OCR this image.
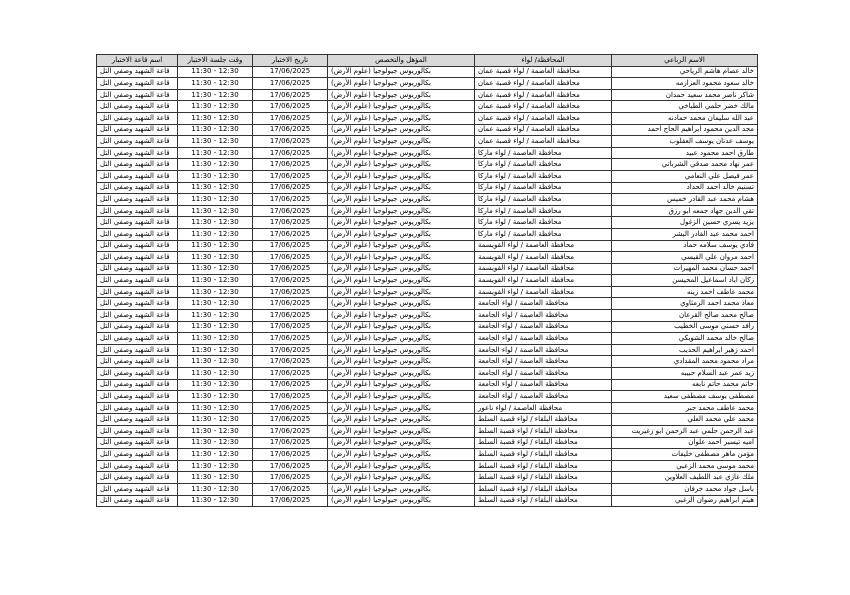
الاسم الرباعي	المحافظة/ لواء	المؤهل والتخصص	تاريخ الاختبار	وقت جلسة الاختبار	اسم قاعة الاختبار
خالد عصام هاشم الرياحي	محافظة العاصمة / لواء قصبة عمان	بكالوريوس جيولوجيا (علوم الأرض)	17/06/2025	11:30 - 12:30	قاعة الشهيد وصفي التل
خالد سعود محمود العزازمه	محافظة العاصمة / لواء قصبة عمان	بكالوريوس جيولوجيا (علوم الأرض)	17/06/2025	11:30 - 12:30	قاعة الشهيد وصفي التل
شاكر ناصر محمد سعيد حمدان	محافظة العاصمة / لواء قصبة عمان	بكالوريوس جيولوجيا (علوم الأرض)	17/06/2025	11:30 - 12:30	قاعة الشهيد وصفي التل
مالك خضر حلمي الطباخي	محافظة العاصمة / لواء قصبة عمان	بكالوريوس جيولوجيا (علوم الأرض)	17/06/2025	11:30 - 12:30	قاعة الشهيد وصفي التل
عبد الله سليمان محمد حمادنه	محافظة العاصمة / لواء قصبة عمان	بكالوريوس جيولوجيا (علوم الأرض)	17/06/2025	11:30 - 12:30	قاعة الشهيد وصفي التل
مجد الدين محمود ابراهيم الحاج احمد	محافظة العاصمة / لواء قصبة عمان	بكالوريوس جيولوجيا (علوم الأرض)	17/06/2025	11:30 - 12:30	قاعة الشهيد وصفي التل
يوسف عدنان يوسف العقلوب	محافظة العاصمة / لواء قصبة عمان	بكالوريوس جيولوجيا (علوم الأرض)	17/06/2025	11:30 - 12:30	قاعة الشهيد وصفي التل
طارق احمد محمود عبيد	محافظة العاصمة / لواء ماركا	بكالوريوس جيولوجيا (علوم الأرض)	17/06/2025	11:30 - 12:30	قاعة الشهيد وصفي التل
عمر نهاد محمد صدقي الشرباتي	محافظة العاصمة / لواء ماركا	بكالوريوس جيولوجيا (علوم الأرض)	17/06/2025	11:30 - 12:30	قاعة الشهيد وصفي التل
عمر فيصل علي النعامي	محافظة العاصمة / لواء ماركا	بكالوريوس جيولوجيا (علوم الأرض)	17/06/2025	11:30 - 12:30	قاعة الشهيد وصفي التل
تسنيم خالد احمد الحداد	محافظة العاصمة / لواء ماركا	بكالوريوس جيولوجيا (علوم الأرض)	17/06/2025	11:30 - 12:30	قاعة الشهيد وصفي التل
هشام محمد عبد القادر خميس	محافظة العاصمة / لواء ماركا	بكالوريوس جيولوجيا (علوم الأرض)	17/06/2025	11:30 - 12:30	قاعة الشهيد وصفي التل
تقي الدين جهاد جمعه ابو رزق	محافظة العاصمة / لواء ماركا	بكالوريوس جيولوجيا (علوم الأرض)	17/06/2025	11:30 - 12:30	قاعة الشهيد وصفي التل
يزيد يسري حسين الزغول	محافظة العاصمة / لواء ماركا	بكالوريوس جيولوجيا (علوم الأرض)	17/06/2025	11:30 - 12:30	قاعة الشهيد وصفي التل
احمد محمد عبد القادر البشر	محافظة العاصمة / لواء ماركا	بكالوريوس جيولوجيا (علوم الأرض)	17/06/2025	11:30 - 12:30	قاعة الشهيد وصفي التل
فادي يوسف سلامه حماد	محافظة العاصمة / لواء القويسمة	بكالوريوس جيولوجيا (علوم الأرض)	17/06/2025	11:30 - 12:30	قاعة الشهيد وصفي التل
احمد مروان علي القيسي	محافظة العاصمة / لواء القويسمة	بكالوريوس جيولوجيا (علوم الأرض)	17/06/2025	11:30 - 12:30	قاعة الشهيد وصفي التل
احمد حسان محمد المهيرات	محافظة العاصمة / لواء القويسمة	بكالوريوس جيولوجيا (علوم الأرض)	17/06/2025	11:30 - 12:30	قاعة الشهيد وصفي التل
زكان اياد اسماعيل المحيسن	محافظة العاصمة / لواء القويسمة	بكالوريوس جيولوجيا (علوم الأرض)	17/06/2025	11:30 - 12:30	قاعة الشهيد وصفي التل
محمد عاطف احمد زينه	محافظة العاصمة / لواء القويسمة	بكالوريوس جيولوجيا (علوم الأرض)	17/06/2025	11:30 - 12:30	قاعة الشهيد وصفي التل
معاذ محمد احمد الرمثاوي	محافظة العاصمة / لواء الجامعة	بكالوريوس جيولوجيا (علوم الأرض)	17/06/2025	11:30 - 12:30	قاعة الشهيد وصفي التل
صالح محمد صالح القرعان	محافظة العاصمة / لواء الجامعة	بكالوريوس جيولوجيا (علوم الأرض)	17/06/2025	11:30 - 12:30	قاعة الشهيد وصفي التل
رافد حسني موسى الخطيب	محافظة العاصمة / لواء الجامعة	بكالوريوس جيولوجيا (علوم الأرض)	17/06/2025	11:30 - 12:30	قاعة الشهيد وصفي التل
صالح خالد محمد الشويكي	محافظة العاصمة / لواء الجامعة	بكالوريوس جيولوجيا (علوم الأرض)	17/06/2025	11:30 - 12:30	قاعة الشهيد وصفي التل
احمد زهير ابراهيم الحديب	محافظة العاصمة / لواء الجامعة	بكالوريوس جيولوجيا (علوم الأرض)	17/06/2025	11:30 - 12:30	قاعة الشهيد وصفي التل
مراد محمود محمد المقدادي	محافظة العاصمة / لواء الجامعة	بكالوريوس جيولوجيا (علوم الأرض)	17/06/2025	11:30 - 12:30	قاعة الشهيد وصفي التل
زيد عمر عبد السلام حبيبه	محافظة العاصمة / لواء الجامعة	بكالوريوس جيولوجيا (علوم الأرض)	17/06/2025	11:30 - 12:30	قاعة الشهيد وصفي التل
حاتم محمد حاتم نابغه	محافظة العاصمة / لواء الجامعة	بكالوريوس جيولوجيا (علوم الأرض)	17/06/2025	11:30 - 12:30	قاعة الشهيد وصفي التل
مصطفى يوسف مصطفى سعيد	محافظة العاصمة / لواء الجامعة	بكالوريوس جيولوجيا (علوم الأرض)	17/06/2025	11:30 - 12:30	قاعة الشهيد وصفي التل
محمد عاطف محمد جبر	محافظة العاصمة / لواء ناعور	بكالوريوس جيولوجيا (علوم الأرض)	17/06/2025	11:30 - 12:30	قاعة الشهيد وصفي التل
محمد علي محمد العلي	محافظة البلقاء / لواء قصبة السلط	بكالوريوس جيولوجيا (علوم الأرض)	17/06/2025	11:30 - 12:30	قاعة الشهيد وصفي التل
عبد الرحمن حلمي عبد الرحمن ابو زغيريت	محافظة البلقاء / لواء قصبة السلط	بكالوريوس جيولوجيا (علوم الأرض)	17/06/2025	11:30 - 12:30	قاعة الشهيد وصفي التل
اميه تيسير احمد علوان	محافظة البلقاء / لواء قصبة السلط	بكالوريوس جيولوجيا (علوم الأرض)	17/06/2025	11:30 - 12:30	قاعة الشهيد وصفي التل
مؤمن ماهر مصطفى خليفات	محافظة البلقاء / لواء قصبة السلط	بكالوريوس جيولوجيا (علوم الأرض)	17/06/2025	11:30 - 12:30	قاعة الشهيد وصفي التل
محمد موسى محمد الزعبي	محافظة البلقاء / لواء قصبة السلط	بكالوريوس جيولوجيا (علوم الأرض)	17/06/2025	11:30 - 12:30	قاعة الشهيد وصفي التل
ملك غازي عبد اللطيف العلاوين	محافظة البلقاء / لواء قصبة السلط	بكالوريوس جيولوجيا (علوم الأرض)	17/06/2025	11:30 - 12:30	قاعة الشهيد وصفي التل
باسل جواد محمد خرفان	محافظة البلقاء / لواء قصبة السلط	بكالوريوس جيولوجيا (علوم الأرض)	17/06/2025	11:30 - 12:30	قاعة الشهيد وصفي التل
هيثم ابراهيم رضوان الزغبي	محافظة البلقاء / لواء قصبة السلط	بكالوريوس جيولوجيا (علوم الأرض)	17/06/2025	11:30 - 12:30	قاعة الشهيد وصفي التل
